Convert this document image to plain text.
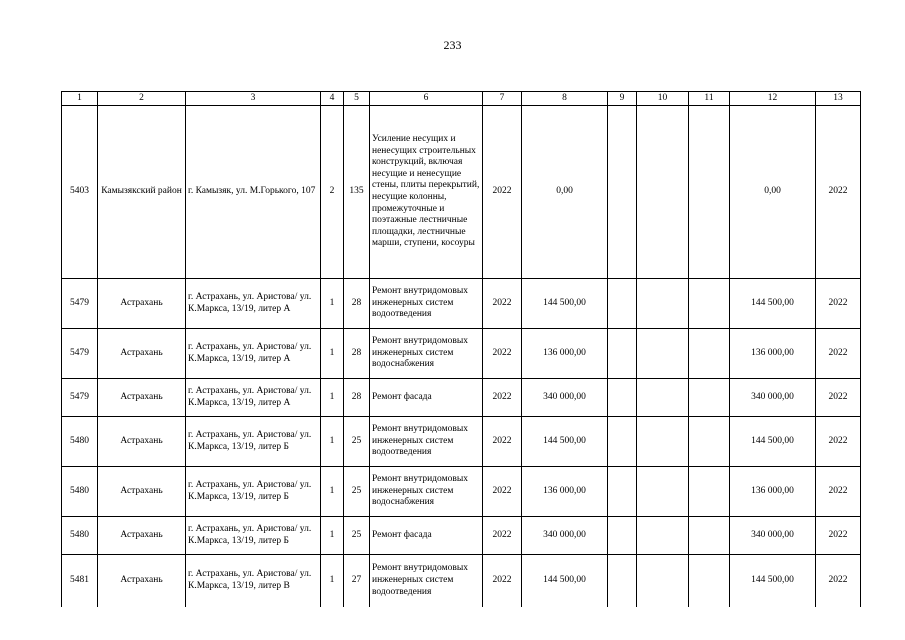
233
1	2	3	4	5	6	7	8	9	10	11	12	13
5403	Камызякский район	г. Камызяк, ул. М.Горького, 107	2	135	Усиление несущих и ненесущих строительных конструкций, включая несущие и ненесущие стены, плиты перекрытий, несущие колонны, промежуточные и поэтажные лестничные площадки, лестничные марши, ступени, косоуры	2022	0,00				0,00	2022
5479	Астрахань	г. Астрахань, ул. Аристова/ ул. К.Маркса, 13/19, литер А	1	28	Ремонт внутридомовых инженерных систем водоотведения	2022	144 500,00				144 500,00	2022
5479	Астрахань	г. Астрахань, ул. Аристова/ ул. К.Маркса, 13/19, литер А	1	28	Ремонт внутридомовых инженерных систем водоснабжения	2022	136 000,00				136 000,00	2022
5479	Астрахань	г. Астрахань, ул. Аристова/ ул. К.Маркса, 13/19, литер А	1	28	Ремонт фасада	2022	340 000,00				340 000,00	2022
5480	Астрахань	г. Астрахань, ул. Аристова/ ул. К.Маркса, 13/19, литер Б	1	25	Ремонт внутридомовых инженерных систем водоотведения	2022	144 500,00				144 500,00	2022
5480	Астрахань	г. Астрахань, ул. Аристова/ ул. К.Маркса, 13/19, литер Б	1	25	Ремонт внутридомовых инженерных систем водоснабжения	2022	136 000,00				136 000,00	2022
5480	Астрахань	г. Астрахань, ул. Аристова/ ул. К.Маркса, 13/19, литер Б	1	25	Ремонт фасада	2022	340 000,00				340 000,00	2022
5481	Астрахань	г. Астрахань, ул. Аристова/ ул. К.Маркса, 13/19, литер В	1	27	Ремонт внутридомовых инженерных систем водоотведения	2022	144 500,00				144 500,00	2022
